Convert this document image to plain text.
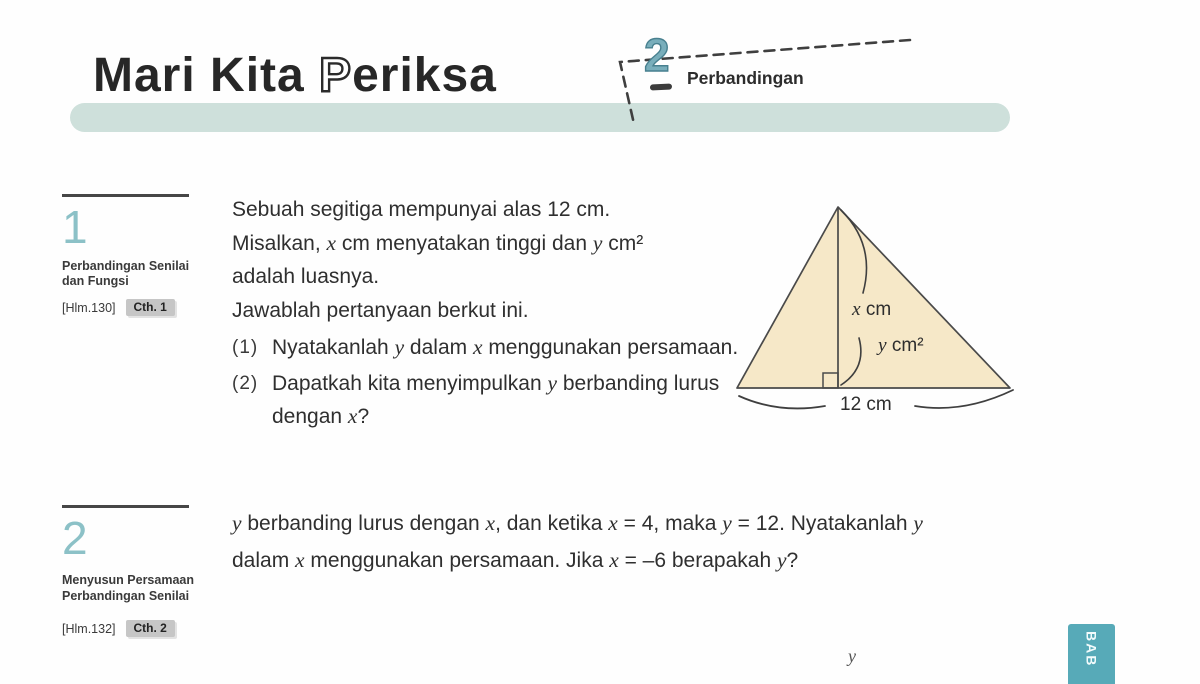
Mari Kita Periksa	2 Perbandingan
1
Perbandingan Senilai
dan Fungsi
[Hlm.130]	Cth. 1
Sebuah segitiga mempunyai alas 12 cm.
Misalkan, x cm menyatakan tinggi dan y cm²
adalah luasnya.
Jawablah pertanyaan berkut ini.
(1) Nyatakanlah y dalam x menggunakan persamaan.
(2) Dapatkah kita menyimpulkan y berbanding lurus dengan x?
x cm
y cm²
12 cm
2
Menyusun Persamaan
Perbandingan Senilai
[Hlm.132]	Cth. 2
y berbanding lurus dengan x, dan ketika x = 4, maka y = 12. Nyatakanlah y
dalam x menggunakan persamaan. Jika x = –6 berapakah y?
y	BAB
